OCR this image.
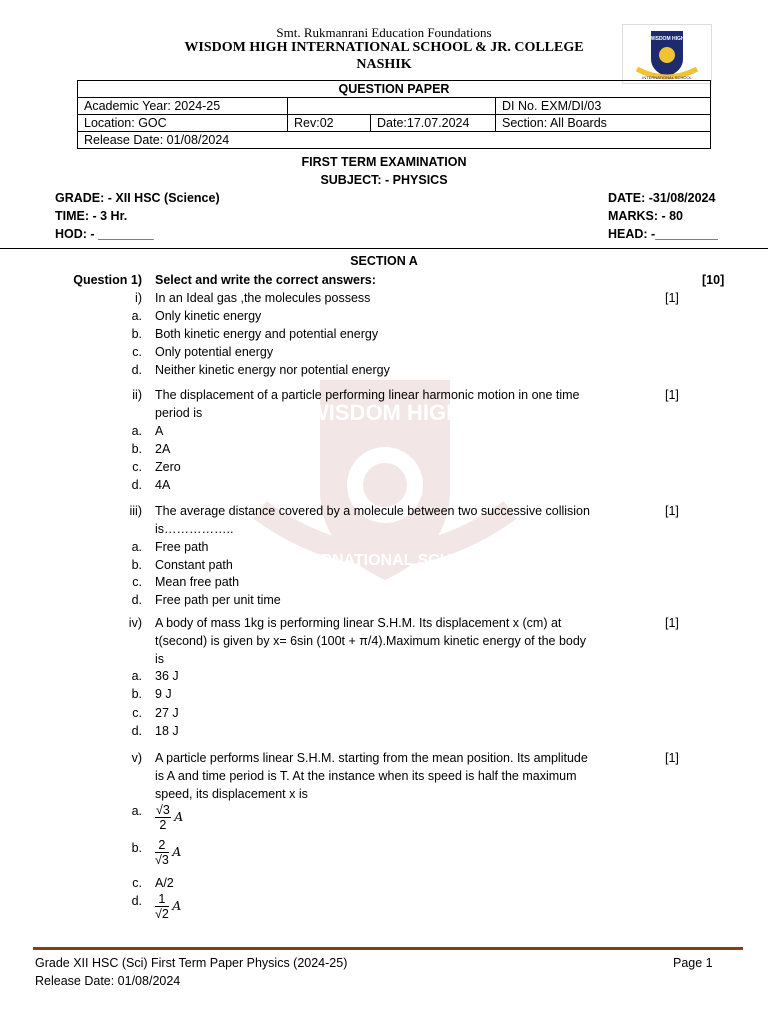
WISDOM HIGH
INTERNATIONAL SCHOOL
Smt. Rukmanrani Education Foundations
WISDOM HIGH INTERNATIONAL SCHOOL & JR. COLLEGE
NASHIK
WISDOM HIGH
INTERNATIONAL SCHOOL
QUESTION PAPER			
Academic Year: 2024-25			DI No. EXM/DI/03
Location: GOC	Rev:02	Date:17.07.2024	Section: All Boards
Release Date: 01/08/2024			
FIRST TERM EXAMINATION
SUBJECT: - PHYSICS
GRADE: - XII HSC (Science)	DATE: -31/08/2024
TIME: - 3 Hr.	MARKS: - 80
HOD: - ________	HEAD: -_________
SECTION A
Question 1) Select and write the correct answers:	[10]
i) In an Ideal gas ,the molecules possess	[1]
a. Only kinetic energy
b. Both kinetic energy and potential energy
c. Only potential energy
d. Neither kinetic energy nor potential energy
ii) The displacement of a particle performing linear harmonic motion in one time	[1]
period is
a. A
b. 2A
c. Zero
d. 4A
iii) The average distance covered by a molecule between two successive collision	[1]
is……………..
a. Free path
b. Constant path
c. Mean free path
d. Free path per unit time
iv) A body of mass 1kg is performing linear S.H.M. Its displacement x (cm) at	[1]
t(second) is given by x= 6sin (100t + π/4).Maximum kinetic energy of the body
is
a. 36 J
b. 9 J
c. 27 J
d. 18 J
v) A particle performs linear S.H.M. starting from the mean position. Its amplitude	[1]
is A and time period is T. At the instance when its speed is half the maximum
speed, its displacement x is
a. $\frac{√3}{2}$ A
b. $\frac{2}{√3}$ A
c. A/2
d. $\frac{1}{√2}$ A
Grade XII HSC (Sci) First Term Paper Physics (2024-25)	Page 1
Release Date: 01/08/2024
